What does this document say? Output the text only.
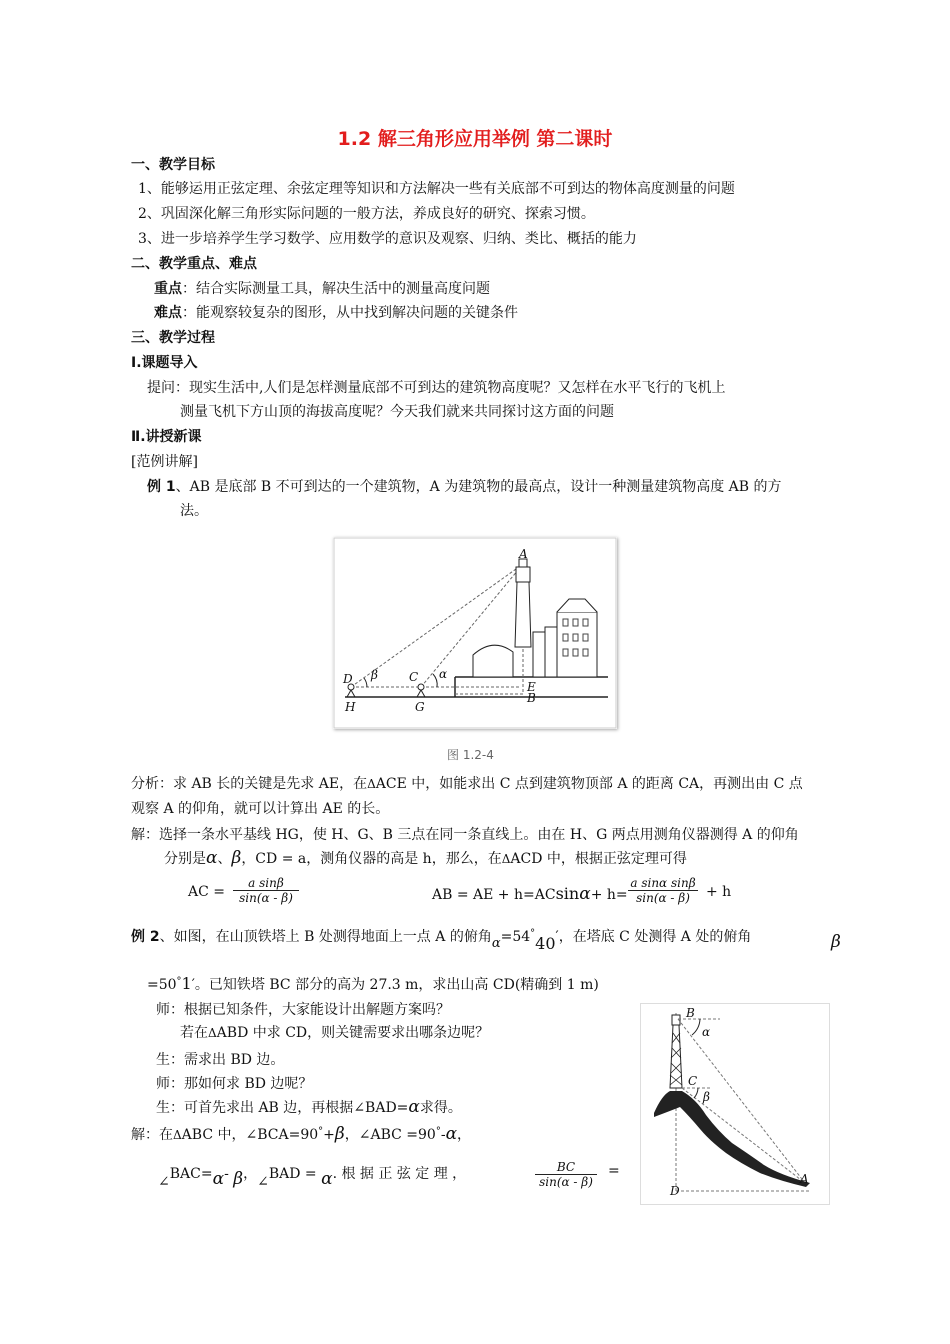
1.2 解三角形应用举例 第二课时
一、教学目标
1、能够运用正弦定理、余弦定理等知识和方法解决一些有关底部不可到达的物体高度测量的问题
2、巩固深化解三角形实际问题的一般方法，养成良好的研究、探索习惯。
3、进一步培养学生学习数学、应用数学的意识及观察、归纳、类比、概括的能力
二、教学重点、难点
重点：结合实际测量工具，解决生活中的测量高度问题
难点：能观察较复杂的图形，从中找到解决问题的关键条件
三、教学过程
Ⅰ.课题导入
提问：现实生活中,人们是怎样测量底部不可到达的建筑物高度呢？又怎样在水平飞行的飞机上
测量飞机下方山顶的海拔高度呢？今天我们就来共同探讨这方面的问题
Ⅱ.讲授新课
[范例讲解]
例 1、AB 是底部 B 不可到达的一个建筑物，A 为建筑物的最高点，设计一种测量建筑物高度 AB 的方
法。
A
E
B
D	C
H	G
β	α
图 1.2-4
分析：求 AB 长的关键是先求 AE，在ΔACE 中，如能求出 C 点到建筑物顶部 A 的距离 CA，再测出由 C 点
观察 A 的仰角，就可以计算出 AE 的长。
解：选择一条水平基线 HG，使 H、G、B 三点在同一条直线上。由在 H、G 两点用测角仪器测得 A 的仰角
分别是α、β，CD = a，测角仪器的高是 h，那么，在ΔACD 中，根据正弦定理可得
AC = $\frac{\text{a sinβ}}{\sin(\alpha - \beta)}$	AB = AE + $h=ACsin\alpha+ h= \frac{\text{a sinα sinβ}}{\sin(\alpha - \beta)} + h$
例 2、如图，在山顶铁塔上 B 处测得地面上一点 A 的俯角α=54°40′，在塔底 C 处测得 A 处的俯角	β
=50°1′。已知铁塔 BC 部分的高为 27.3 m，求出山高 CD(精确到 1 m)
师：根据已知条件，大家能设计出解题方案吗？
若在ΔABD 中求 CD，则关键需要求出哪条边呢？
生：需求出 BD 边。
师：那如何求 BD 边呢？
生：可首先求出 AB 边，再根据∠BAD=α求得。
解：在ΔABC 中，∠BCA=90°+β，∠ABC =90°-α，
∠BAC=α- β，∠BAD = α. 根 据 正 弦 定 理 ，	$\frac{BC}{\sin(\alpha - \beta)}$ =
B
α
C
β
D
A
